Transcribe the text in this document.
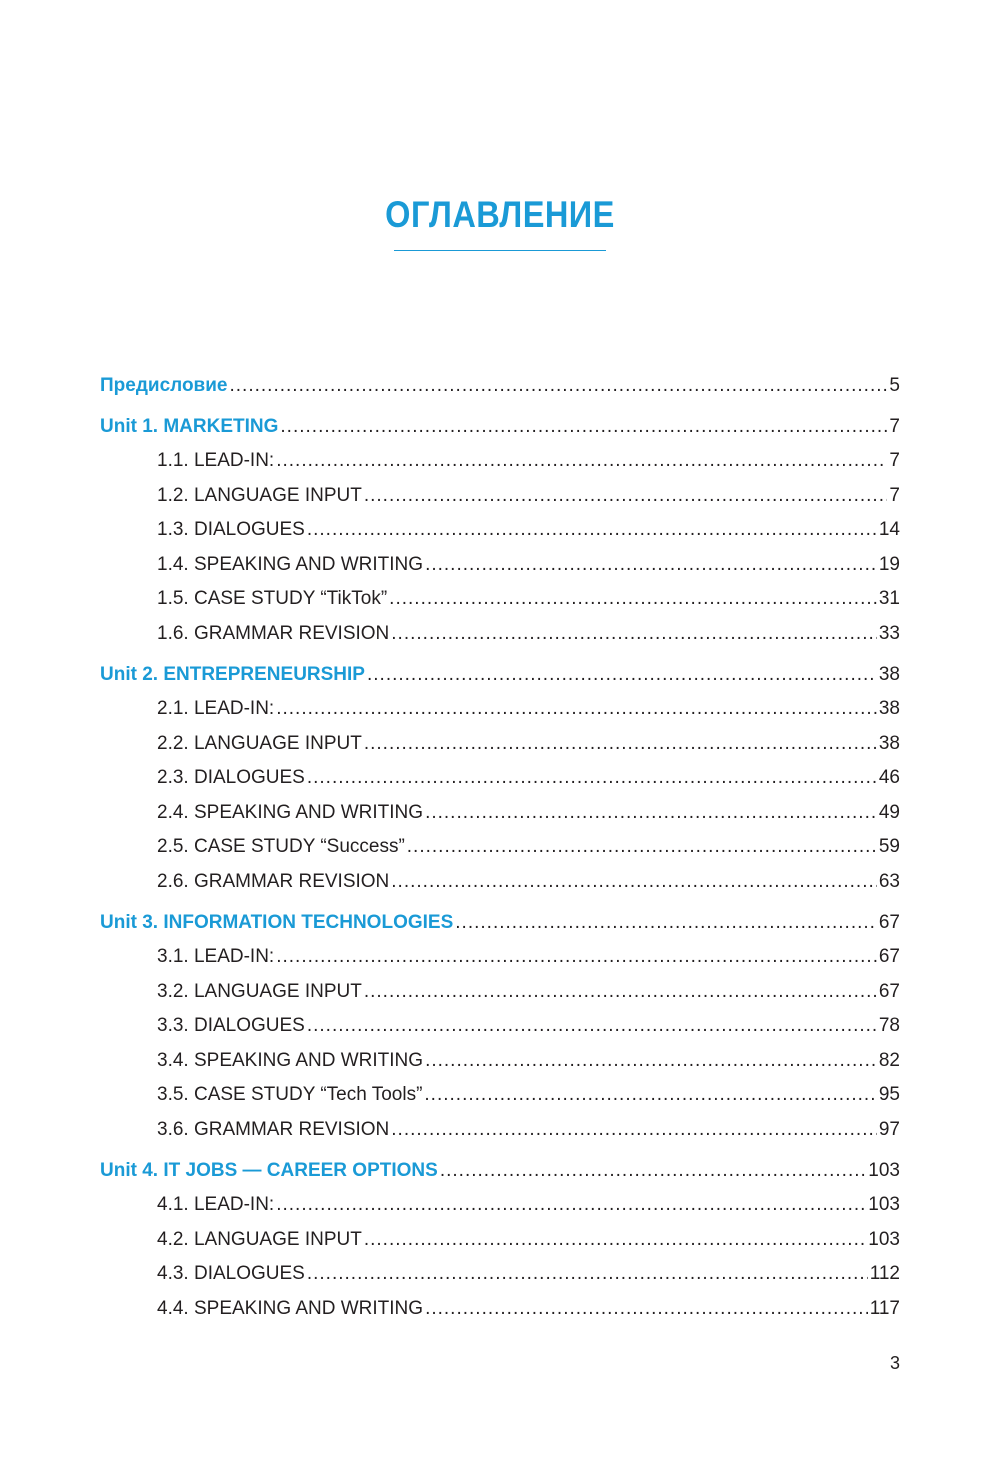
ОГЛАВЛЕНИЕ
Предисловие .....	5
Unit 1. MARKETING .....	7
1.1. LEAD-IN: .....	7
1.2. LANGUAGE INPUT .....	7
1.3. DIALOGUES .....	14
1.4. SPEAKING AND WRITING .....	19
1.5. CASE STUDY “TikTok” .....	31
1.6. GRAMMAR REVISION .....	33
Unit 2. ENTREPRENEURSHIP .....	38
2.1. LEAD-IN: .....	38
2.2. LANGUAGE INPUT .....	38
2.3. DIALOGUES .....	46
2.4. SPEAKING AND WRITING .....	49
2.5. CASE STUDY “Success” .....	59
2.6. GRAMMAR REVISION .....	63
Unit 3. INFORMATION TECHNOLOGIES .....	67
3.1. LEAD-IN: .....	67
3.2. LANGUAGE INPUT .....	67
3.3. DIALOGUES .....	78
3.4. SPEAKING AND WRITING .....	82
3.5. CASE STUDY “Tech Tools” .....	95
3.6. GRAMMAR REVISION .....	97
Unit 4. IT JOBS — CAREER OPTIONS .....	103
4.1. LEAD-IN: .....	103
4.2. LANGUAGE INPUT .....	103
4.3. DIALOGUES .....	112
4.4. SPEAKING AND WRITING .....	117
3
